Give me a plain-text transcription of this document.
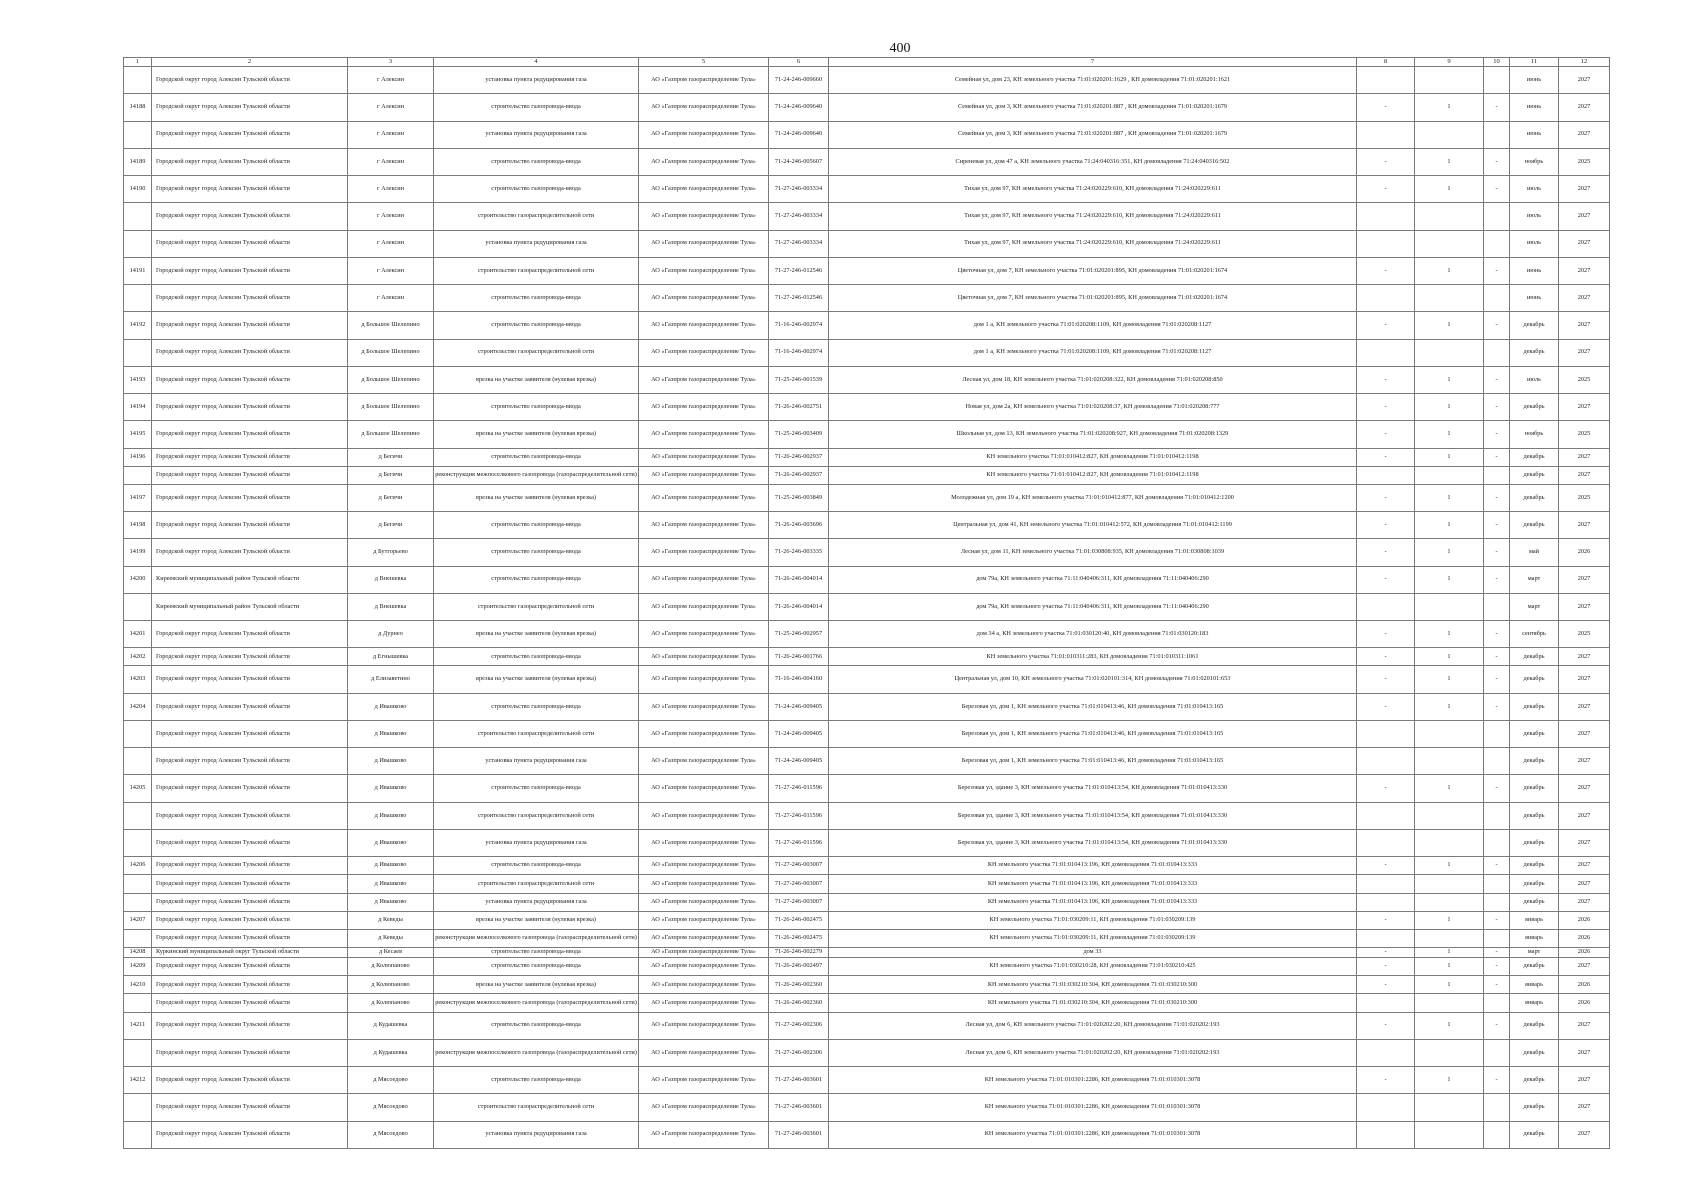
400
1	2	3	4	5	6	7	8	9	10	11	12
	Городской округ город Алексин Тульской области	г Алексин	установка пункта редуцирования газа	АО «Газпром газораспределение Тула»	71-24-246-009660	Семейная ул, дом 23, КН земельного участка 71:01:020201:1629 , КН домовладения 71:01:020201:1621				июнь	2027
14188	Городской округ город Алексин Тульской области	г Алексин	строительство газопровода-ввода	АО «Газпром газораспределение Тула»	71-24-246-009640	Семейная ул, дом 3, КН земельного участка 71:01:020201:887 , КН домовладения 71:01:020201:1679	-	1	-	июнь	2027
	Городской округ город Алексин Тульской области	г Алексин	установка пункта редуцирования газа	АО «Газпром газораспределение Тула»	71-24-246-009640	Семейная ул, дом 3, КН земельного участка 71:01:020201:887 , КН домовладения 71:01:020201:1679				июнь	2027
14189	Городской округ город Алексин Тульской области	г Алексин	строительство газопровода-ввода	АО «Газпром газораспределение Тула»	71-24-246-005607	Сиреневая ул, дом 47 а, КН земельного участка 71:24:040316:351, КН домовладения 71:24:040316:502	-	1	-	ноябрь	2025
14190	Городской округ город Алексин Тульской области	г Алексин	строительство газопровода-ввода	АО «Газпром газораспределение Тула»	71-27-246-003334	Тихая ул, дом 97, КН земельного участка 71:24:020229:610, КН домовладения 71:24:020229:611	-	1	-	июль	2027
	Городской округ город Алексин Тульской области	г Алексин	строительство газораспределительной сети	АО «Газпром газораспределение Тула»	71-27-246-003334	Тихая ул, дом 97, КН земельного участка 71:24:020229:610, КН домовладения 71:24:020229:611				июль	2027
	Городской округ город Алексин Тульской области	г Алексин	установка пункта редуцирования газа	АО «Газпром газораспределение Тула»	71-27-246-003334	Тихая ул, дом 97, КН земельного участка 71:24:020229:610, КН домовладения 71:24:020229:611				июль	2027
14191	Городской округ город Алексин Тульской области	г Алексин	строительство газораспределительной сети	АО «Газпром газораспределение Тула»	71-27-246-012546	Цветочная ул, дом 7, КН земельного участка 71:01:020201:895, КН домовладения 71:01:020201:1674	-	1	-	июнь	2027
	Городской округ город Алексин Тульской области	г Алексин	строительство газопровода-ввода	АО «Газпром газораспределение Тула»	71-27-246-012546	Цветочная ул, дом 7, КН земельного участка 71:01:020201:895, КН домовладения 71:01:020201:1674				июнь	2027
14192	Городской округ город Алексин Тульской области	д Большое Шелепино	строительство газопровода-ввода	АО «Газпром газораспределение Тула»	71-16-246-002974	дом 1 а, КН земельного участка 71:01:020208:1109, КН домовладения 71:01:020208:1127	-	1	-	декабрь	2027
	Городской округ город Алексин Тульской области	д Большое Шелепино	строительство газораспределительной сети	АО «Газпром газораспределение Тула»	71-16-246-002974	дом 1 а, КН земельного участка 71:01:020208:1109, КН домовладения 71:01:020208:1127				декабрь	2027
14193	Городской округ город Алексин Тульской области	д Большое Шелепино	врезка на участке заявителя (нулевая врезка)	АО «Газпром газораспределение Тула»	71-25-246-001539	Лесная ул, дом 18, КН земельного участка 71:01:020208:322, КН домовладения 71:01:020208:850	-	1	-	июль	2025
14194	Городской округ город Алексин Тульской области	д Большое Шелепино	строительство газопровода-ввода	АО «Газпром газораспределение Тула»	71-26-246-002751	Новая ул, дом 2а, КН земельного участка 71:01:020208:37, КН домовладения 71:01:020208:777	-	1	-	декабрь	2027
14195	Городской округ город Алексин Тульской области	д Большое Шелепино	врезка на участке заявителя (нулевая врезка)	АО «Газпром газораспределение Тула»	71-25-246-003409	Школьная ул, дом 13, КН земельного участка 71:01:020208:927, КН домовладения 71:01:020208:1329	-	1	-	ноябрь	2025
14196	Городской округ город Алексин Тульской области	д Бегичи	строительство газопровода-ввода	АО «Газпром газораспределение Тула»	71-26-246-002937	КН земельного участка 71:01:010412:827, КН домовладения 71:01:010412:1198	-	1	-	декабрь	2027
	Городской округ город Алексин Тульской области	д Бегичи	реконструкция межпоселкового газопровода (газораспределительной сети)	АО «Газпром газораспределение Тула»	71-26-246-002937	КН земельного участка 71:01:010412:827, КН домовладения 71:01:010412:1198				декабрь	2027
14197	Городской округ город Алексин Тульской области	д Бегичи	врезка на участке заявителя (нулевая врезка)	АО «Газпром газораспределение Тула»	71-25-246-003849	Молодежная ул, дом 19 а, КН земельного участка 71:01:010412:877, КН домовладения 71:01:010412:1200	-	1	-	декабрь	2025
14198	Городской округ город Алексин Тульской области	д Бегичи	строительство газопровода-ввода	АО «Газпром газораспределение Тула»	71-26-246-003696	Центральная ул, дом 41, КН земельного участка 71:01:010412:572, КН домовладения 71:01:010412:1199	-	1	-	декабрь	2027
14199	Городской округ город Алексин Тульской области	д Бутгорьево	строительство газопровода-ввода	АО «Газпром газораспределение Тула»	71-26-246-003335	Лесная ул, дом 11, КН земельного участка 71:01:030808:935, КН домовладения 71:01:030808:1039	-	1	-	май	2026
14200	Киреевский муниципальный район Тульской области	д Внешевка	строительство газопровода-ввода	АО «Газпром газораспределение Тула»	71-26-246-004014	дом 79а, КН земельного участка 71:11:040406:311, КН домовладения 71:11:040406:290	-	1	-	март	2027
	Киреевский муниципальный район Тульской области	д Внешевка	строительство газораспределительной сети	АО «Газпром газораспределение Тула»	71-26-246-004014	дом 79а, КН земельного участка 71:11:040406:311, КН домовладения 71:11:040406:290				март	2027
14201	Городской округ город Алексин Тульской области	д Дурнео	врезка на участке заявителя (нулевая врезка)	АО «Газпром газораспределение Тула»	71-25-246-002957	дом 34 а, КН земельного участка 71:01:030120:40, КН домовладения 71:01:030120:183	-	1	-	сентябрь	2025
14202	Городской округ город Алексин Тульской области	д Егнышевка	строительство газопровода-ввода	АО «Газпром газораспределение Тула»	71-26-246-001766	КН земельного участка 71:01:010311:283, КН домовладения 71:01:010311:1061	-	1	-	декабрь	2027
14203	Городской округ город Алексин Тульской области	д Елизаветино	врезка на участке заявителя (нулевая врезка)	АО «Газпром газораспределение Тула»	71-16-246-004160	Центральная ул, дом 10, КН земельного участка 71:01:020101:314, КН домовладения 71:01:020101:653	-	1	-	декабрь	2027
14204	Городской округ город Алексин Тульской области	д Ивашково	строительство газопровода-ввода	АО «Газпром газораспределение Тула»	71-24-246-009405	Березовая ул, дом 1, КН земельного участка 71:01:010413:46, КН домовладения 71:01:010413:165	-	1	-	декабрь	2027
	Городской округ город Алексин Тульской области	д Ивашково	строительство газораспределительной сети	АО «Газпром газораспределение Тула»	71-24-246-009405	Березовая ул, дом 1, КН земельного участка 71:01:010413:46, КН домовладения 71:01:010413:165				декабрь	2027
	Городской округ город Алексин Тульской области	д Ивашково	установка пункта редуцирования газа	АО «Газпром газораспределение Тула»	71-24-246-009405	Березовая ул, дом 1, КН земельного участка 71:01:010413:46, КН домовладения 71:01:010413:165				декабрь	2027
14205	Городской округ город Алексин Тульской области	д Ивашково	строительство газопровода-ввода	АО «Газпром газораспределение Тула»	71-27-246-011596	Березовая ул, здание 3, КН земельного участка 71:01:010413:54, КН домовладения 71:01:010413:330	-	1	-	декабрь	2027
	Городской округ город Алексин Тульской области	д Ивашково	строительство газораспределительной сети	АО «Газпром газораспределение Тула»	71-27-246-011596	Березовая ул, здание 3, КН земельного участка 71:01:010413:54, КН домовладения 71:01:010413:330				декабрь	2027
	Городской округ город Алексин Тульской области	д Ивашково	установка пункта редуцирования газа	АО «Газпром газораспределение Тула»	71-27-246-011596	Березовая ул, здание 3, КН земельного участка 71:01:010413:54, КН домовладения 71:01:010413:330				декабрь	2027
14206	Городской округ город Алексин Тульской области	д Ивашково	строительство газопровода-ввода	АО «Газпром газораспределение Тула»	71-27-246-003007	КН земельного участка 71:01:010413:196, КН домовладения 71:01:010413:333	-	1	-	декабрь	2027
	Городской округ город Алексин Тульской области	д Ивашково	строительство газораспределительной сети	АО «Газпром газораспределение Тула»	71-27-246-003007	КН земельного участка 71:01:010413:196, КН домовладения 71:01:010413:333				декабрь	2027
	Городской округ город Алексин Тульской области	д Ивашково	установка пункта редуцирования газа	АО «Газпром газораспределение Тула»	71-27-246-003007	КН земельного участка 71:01:010413:196, КН домовладения 71:01:010413:333				декабрь	2027
14207	Городской округ город Алексин Тульской области	д Кеведы	врезка на участке заявителя (нулевая врезка)	АО «Газпром газораспределение Тула»	71-26-246-002475	КН земельного участка 71:01:030209:11, КН домовладения 71:01:030209:139	-	1	-	январь	2026
	Городской округ город Алексин Тульской области	д Кеведы	реконструкция межпоселкового газопровода (газораспределительной сети)	АО «Газпром газораспределение Тула»	71-26-246-002475	КН земельного участка 71:01:030209:11, КН домовладения 71:01:030209:139				январь	2026
14208	Куркинский муниципальный округ Тульской области	д Кесаев	строительство газопровода-ввода	АО «Газпром газораспределение Тула»	71-26-246-002279	дом 33	-	1	-	март	2026
14209	Городской округ город Алексин Тульской области	д Колюпаново	строительство газопровода-ввода	АО «Газпром газораспределение Тула»	71-26-246-002497	КН земельного участка 71:01:030210:28, КН домовладения 71:01:030210:425	-	1	-	декабрь	2027
14210	Городской округ город Алексин Тульской области	д Колюпаново	врезка на участке заявителя (нулевая врезка)	АО «Газпром газораспределение Тула»	71-26-246-002360	КН земельного участка 71:01:030210:304, КН домовладения 71:01:030210:300	-	1	-	январь	2026
	Городской округ город Алексин Тульской области	д Колюпаново	реконструкция межпоселкового газопровода (газораспределительной сети)	АО «Газпром газораспределение Тула»	71-26-246-002360	КН земельного участка 71:01:030210:304, КН домовладения 71:01:030210:300				январь	2026
14211	Городской округ город Алексин Тульской области	д Кудашевка	строительство газопровода-ввода	АО «Газпром газораспределение Тула»	71-27-246-002306	Лесная ул, дом 6, КН земельного участка 71:01:020202:20, КН домовладения 71:01:020202:193	-	1	-	декабрь	2027
	Городской округ город Алексин Тульской области	д Кудашевка	реконструкция межпоселкового газопровода (газораспределительной сети)	АО «Газпром газораспределение Тула»	71-27-246-002306	Лесная ул, дом 6, КН земельного участка 71:01:020202:20, КН домовладения 71:01:020202:193				декабрь	2027
14212	Городской округ город Алексин Тульской области	д Мясоедово	строительство газопровода-ввода	АО «Газпром газораспределение Тула»	71-27-246-003601	КН земельного участка 71:01:010301:2286, КН домовладения 71:01:010301:3078	-	1	-	декабрь	2027
	Городской округ город Алексин Тульской области	д Мясоедово	строительство газораспределительной сети	АО «Газпром газораспределение Тула»	71-27-246-003601	КН земельного участка 71:01:010301:2286, КН домовладения 71:01:010301:3078				декабрь	2027
	Городской округ город Алексин Тульской области	д Мясоедово	установка пункта редуцирования газа	АО «Газпром газораспределение Тула»	71-27-246-003601	КН земельного участка 71:01:010301:2286, КН домовладения 71:01:010301:3078				декабрь	2027
